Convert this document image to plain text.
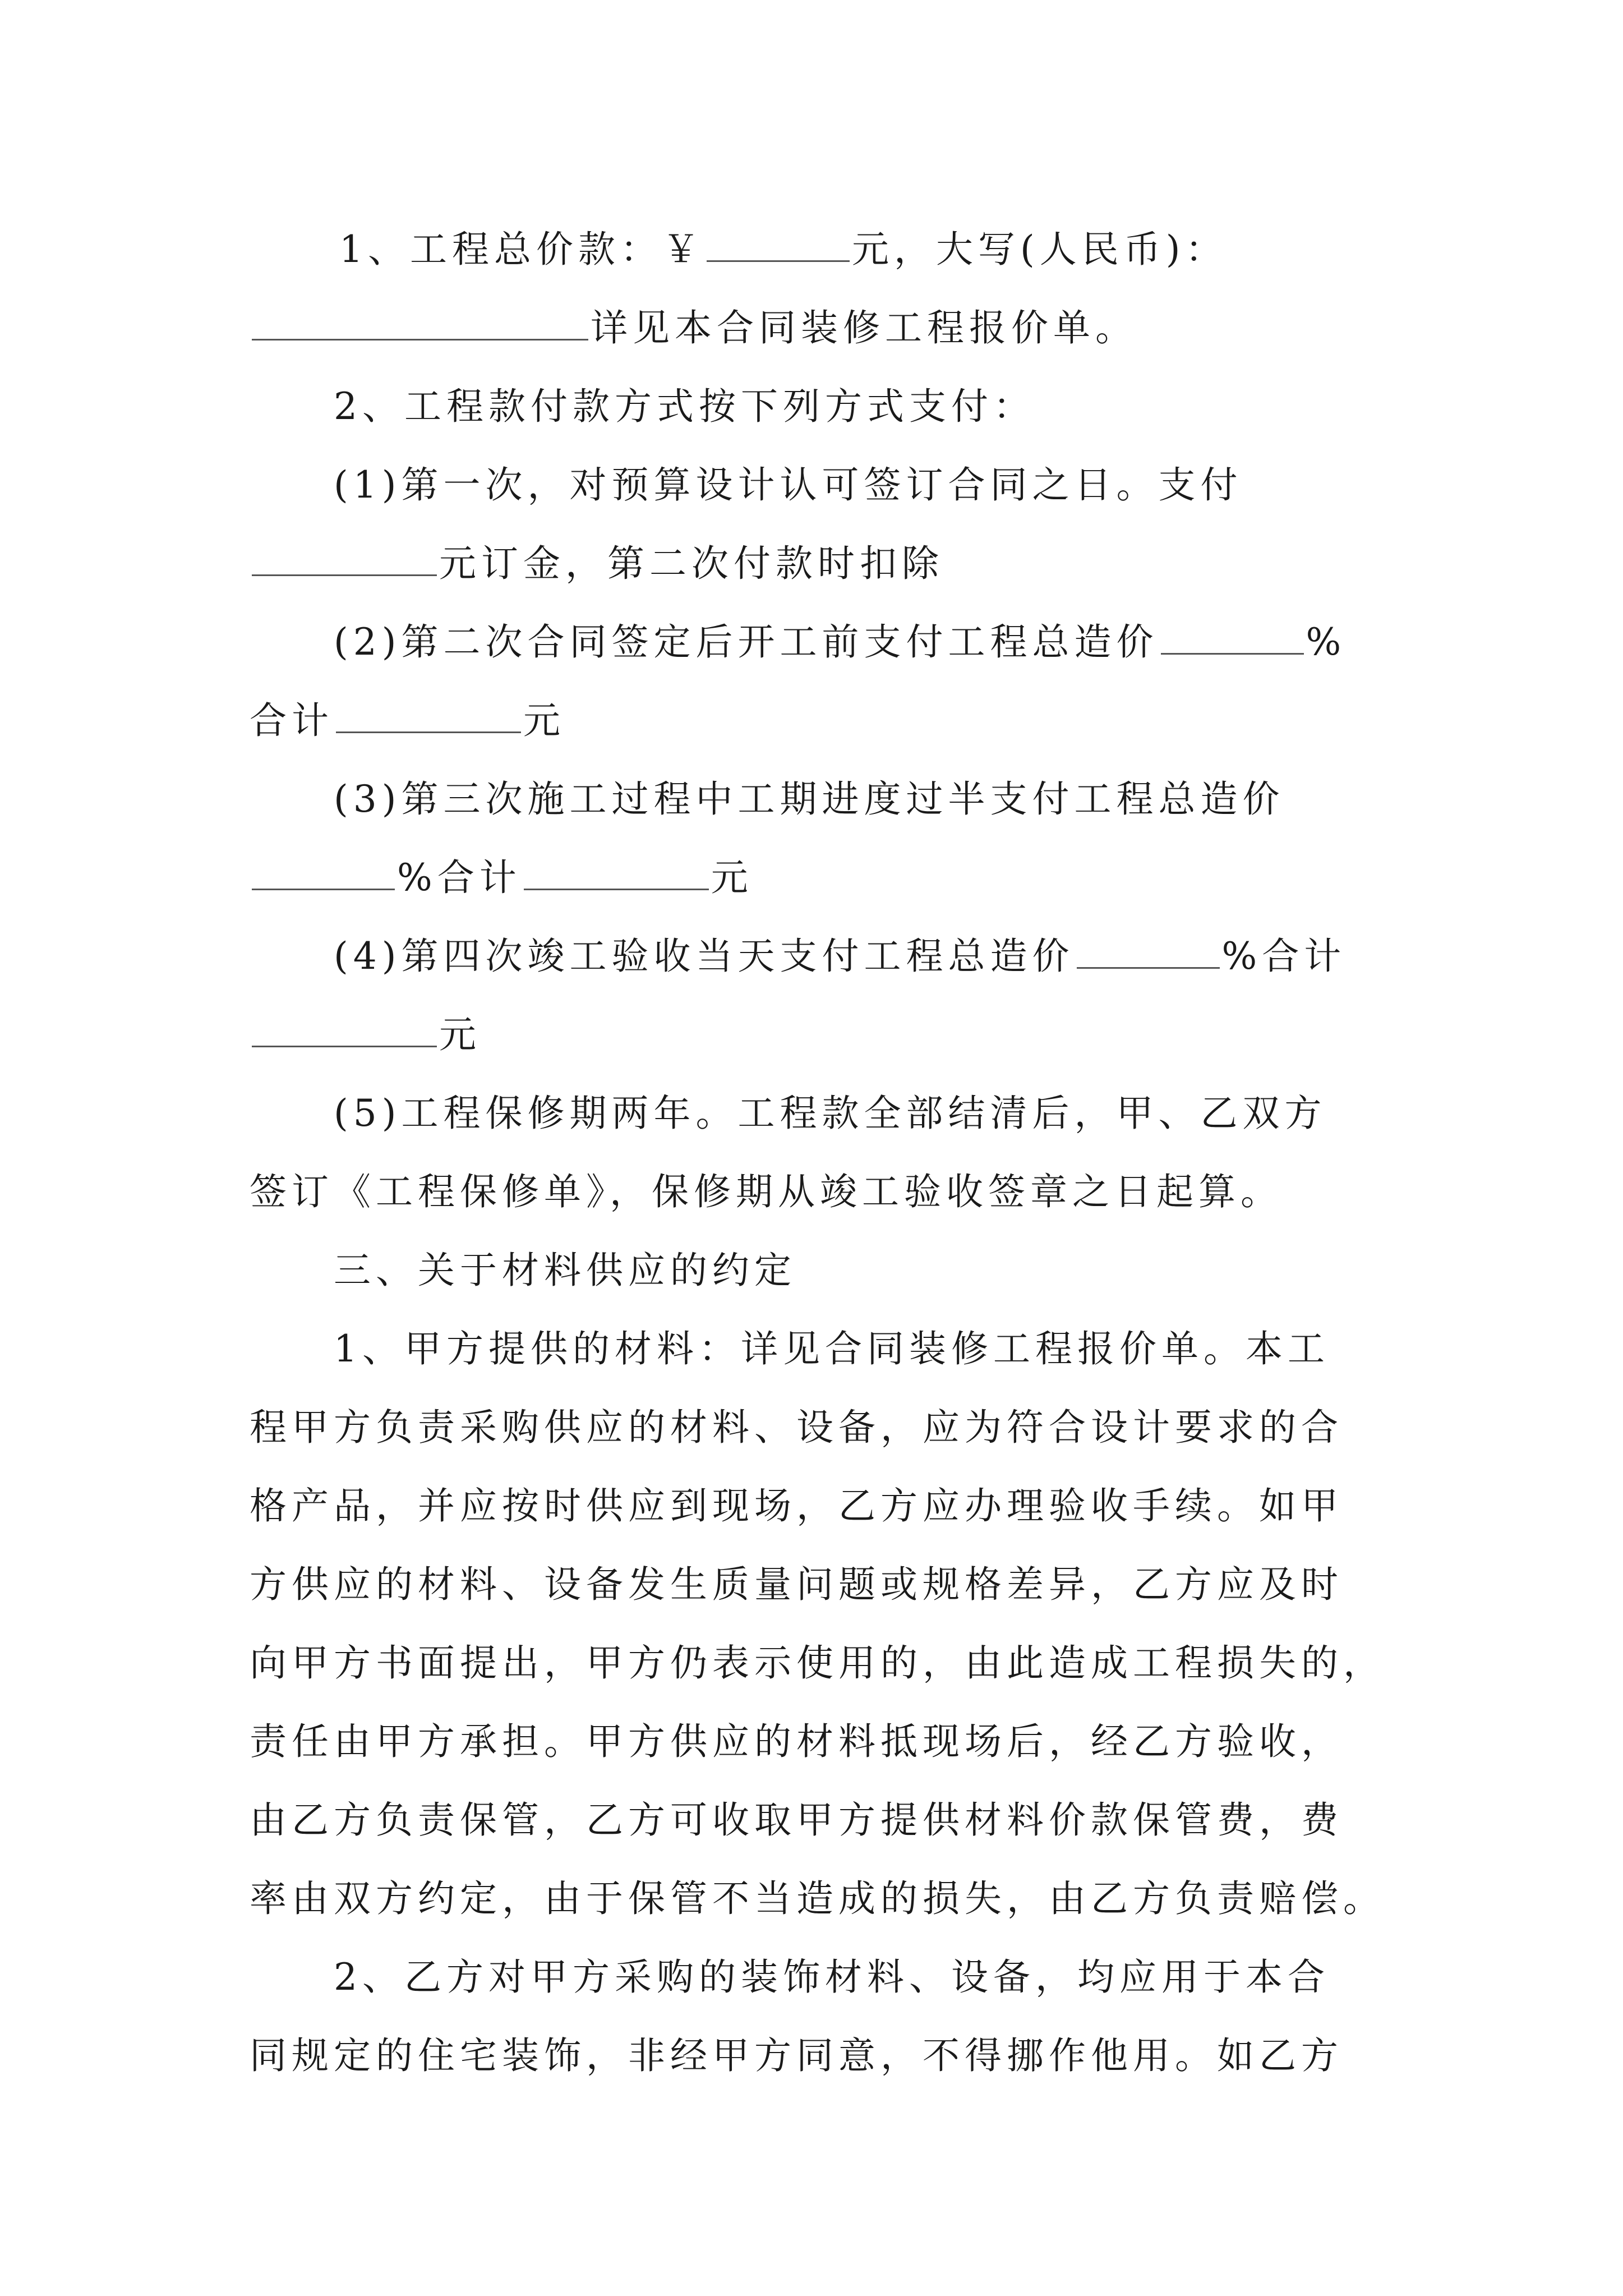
1、工程总价款：￥	元，大写(人民币)：
详见本合同装修工程报价单。
2、工程款付款方式按下列方式支付：
(1)第一次，对预算设计认可签订合同之日。支付
元订金，第二次付款时扣除
(2)第二次合同签定后开工前支付工程总造价	%
合计	元
(3)第三次施工过程中工期进度过半支付工程总造价
%合计	元
(4)第四次竣工验收当天支付工程总造价	%合计
元
(5)工程保修期两年。工程款全部结清后，甲、乙双方
签订《工程保修单》，保修期从竣工验收签章之日起算。
三、关于材料供应的约定
1、甲方提供的材料：详见合同装修工程报价单。本工
程甲方负责采购供应的材料、设备，应为符合设计要求的合
格产品，并应按时供应到现场，乙方应办理验收手续。如甲
方供应的材料、设备发生质量问题或规格差异，乙方应及时
向甲方书面提出，甲方仍表示使用的，由此造成工程损失的，
责任由甲方承担。甲方供应的材料抵现场后，经乙方验收，
由乙方负责保管，乙方可收取甲方提供材料价款保管费，费
率由双方约定，由于保管不当造成的损失，由乙方负责赔偿。
2、乙方对甲方采购的装饰材料、设备，均应用于本合
同规定的住宅装饰，非经甲方同意，不得挪作他用。如乙方
